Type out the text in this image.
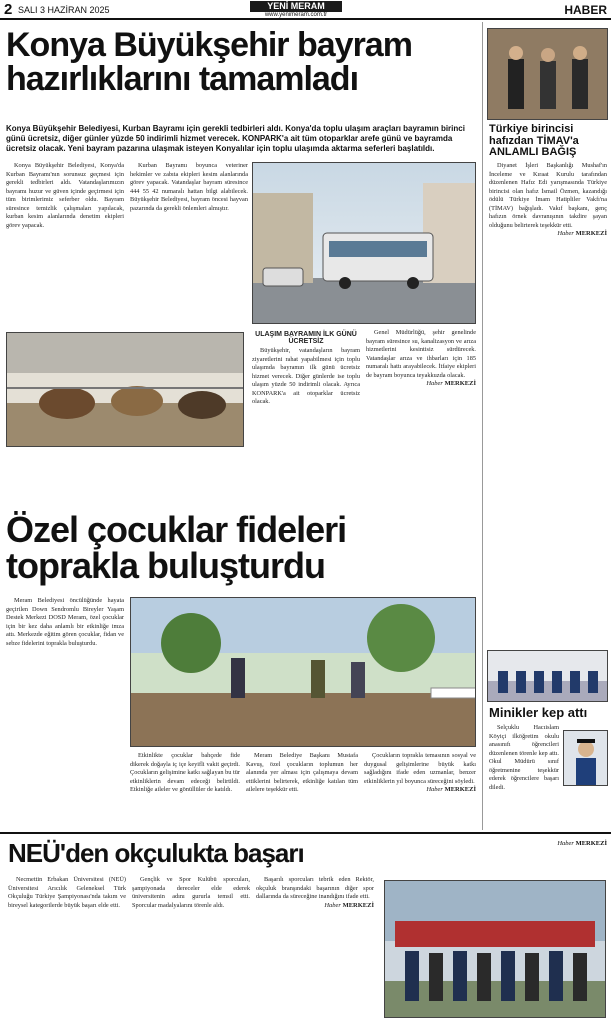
2 SALI 3 HAZİRAN 2025	YENİ MERAM
www.yenimeram.com.tr	HABER
Konya Büyükşehir bayram hazırlıklarını tamamladı
Konya Büyükşehir Belediyesi, Kurban Bayramı için gerekli tedbirleri aldı. Konya'da toplu ulaşım araçları bayramın birinci günü ücretsiz, diğer günler yüzde 50 indirimli hizmet verecek. KONPARK'a ait tüm otoparklar arefe günü ve bayramda ücretsiz olacak. Yeni bayram pazarına ulaşmak isteyen Konyalılar için toplu ulaşımda aktarma seferleri başlatıldı.

Konya Büyükşehir Belediyesi, Konya'da Kurban Bayramı'nın sorunsuz geçmesi için gerekli tedbirleri aldı. Vatandaşlarımızın bayramı huzur ve güven içinde geçirmesi için tüm birimlerimiz seferber oldu. Bayram süresince temizlik çalışmaları yapılacak, kurban kesim alanlarında denetim ekipleri görev yapacak.

Kurban Bayramı boyunca veteriner hekimler ve zabıta ekipleri kesim alanlarında görev yapacak. Vatandaşlar bayram süresince 444 55 42 numaralı hattan bilgi alabilecek. Büyükşehir Belediyesi, bayram öncesi hayvan pazarında da gerekli önlemleri almıştır.

ULAŞIM BAYRAMIN İLK GÜNÜ ÜCRETSİZ

Büyükşehir, vatandaşların bayram ziyaretlerini rahat yapabilmesi için toplu ulaşımda bayramın ilk günü ücretsiz hizmet verecek. Diğer günlerde ise toplu ulaşım yüzde 50 indirimli olacak. Ayrıca KONPARK'a ait otoparklar ücretsiz olacak.

Genel Müdürlüğü, şehir genelinde bayram süresince su, kanalizasyon ve arıza hizmetlerini kesintisiz sürdürecek. Vatandaşlar arıza ve ihbarları için 185 numaralı hattı arayabilecek. İtfaiye ekipleri de bayram boyunca teyakkuzda olacak.

Haber MERKEZİ
Özel çocuklar fideleri toprakla buluşturdu

Meram Belediyesi öncülüğünde hayata geçirilen Down Sendromlu Bireyler Yaşam Destek Merkezi DOSD Meram, özel çocuklar için bir kez daha anlamlı bir etkinliğe imza attı. Merkezde eğitim gören çocuklar, fidan ve sebze fidelerini toprakla buluşturdu.

Etkinlikte çocuklar bahçede fide dikerek doğayla iç içe keyifli vakit geçirdi. Çocukların gelişimine katkı sağlayan bu tür etkinliklerin devam edeceği belirtildi. Etkinliğe aileler ve gönüllüler de katıldı.

Meram Belediye Başkanı Mustafa Kavuş, özel çocukların toplumun her alanında yer alması için çalışmaya devam ettiklerini belirterek, etkinliğe katılan tüm ailelere teşekkür etti.

Çocukların toprakla temasının sosyal ve duygusal gelişimlerine büyük katkı sağladığını ifade eden uzmanlar, benzer etkinliklerin yıl boyunca süreceğini söyledi.

Haber MERKEZİ
Türkiye birincisi hafızdan TİMAV'a ANLAMLI BAĞIŞ

Diyanet İşleri Başkanlığı Mushaf'ın İnceleme ve Kıraat Kurulu tarafından düzenlenen Hafız Edi yarışmasında Türkiye birincisi olan hafız İsmail Özmen, kazandığı ödülü Türkiye İmam Hatipliler Vakfı'na (TİMAV) bağışladı. Vakıf başkanı, genç hafızın örnek davranışının takdire şayan olduğunu belirterek teşekkür etti.

Haber MERKEZİ
Minikler kep attı

Selçuklu Hacıislam Köyiçi ilköğretim okulu anasınıfı öğrencileri düzenlenen törenle kep attı. Okul Müdürü sınıf öğretmenine teşekkür ederek öğrencilere başarı diledi.

Haber MERKEZİ
NEÜ'den okçulukta başarı

Necmettin Erbakan Üniversitesi (NEÜ) Üniversitesi Arıcılık Geleneksel Türk Okçuluğu Türkiye Şampiyonası'nda takım ve bireysel kategorilerde büyük başarı elde etti.

Gençlik ve Spor Kulübü sporcuları, şampiyonada dereceler elde ederek üniversitenin adını gururla temsil etti. Sporcular madalyalarını törenle aldı.

Başarılı sporcuları tebrik eden Rektör, okçuluk branşındaki başarının diğer spor dallarında da süreceğine inandığını ifade etti.

Haber MERKEZİ
